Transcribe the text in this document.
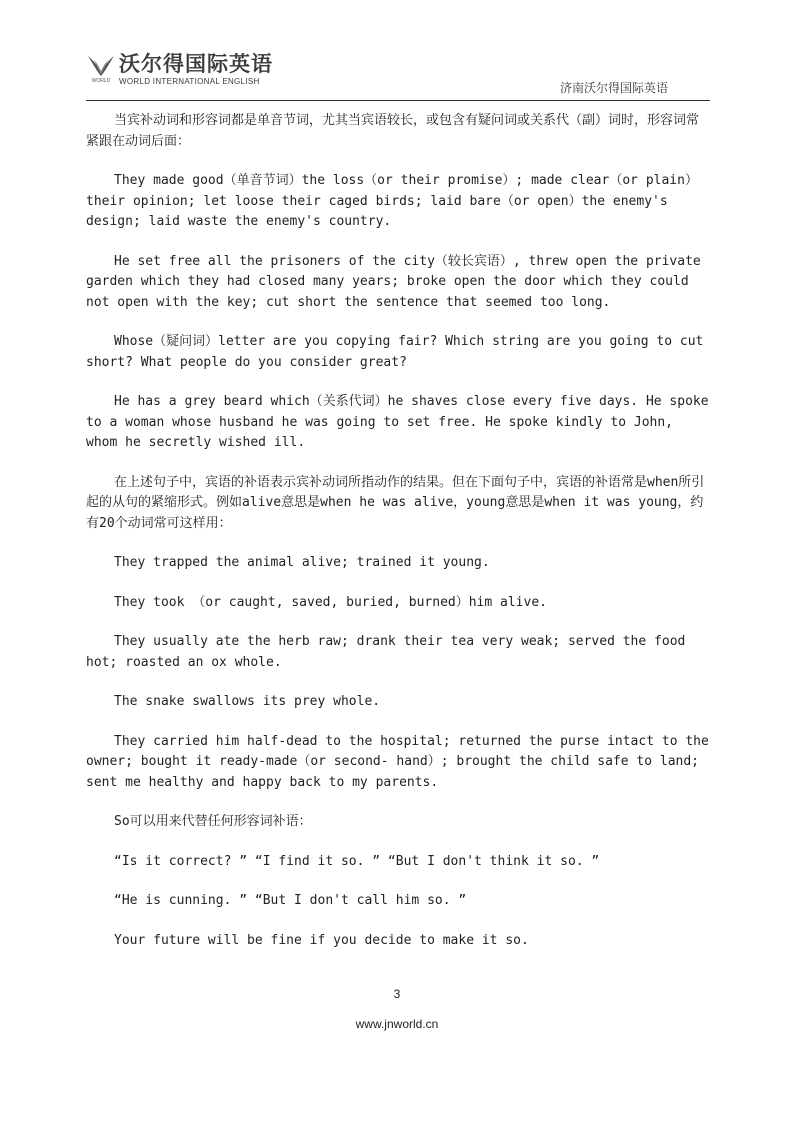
WORLD
沃尔得国际英语
WORLD INTERNATIONAL ENGLISH	济南沃尔得国际英语

当宾补动词和形容词都是单音节词，尤其当宾语较长，或包含有疑问词或关系代（副）词时，形容词常紧跟在动词后面：

They made good（单音节词）the loss（or their promise）; made clear（or plain）their opinion; let loose their caged birds; laid bare（or open）the enemy's design; laid waste the enemy's country.

He set free all the prisoners of the city（较长宾语）, threw open the private garden which they had closed many years; broke open the door which they could not open with the key; cut short the sentence that seemed too long.

Whose（疑问词）letter are you copying fair? Which string are you going to cut short? What people do you consider great?

He has a grey beard which（关系代词）he shaves close every five days. He spoke to a woman whose husband he was going to set free. He spoke kindly to John, whom he secretly wished ill.

在上述句子中，宾语的补语表示宾补动词所指动作的结果。但在下面句子中，宾语的补语常是when所引起的从句的紧缩形式。例如alive意思是when he was alive，young意思是when it was young，约有20个动词常可这样用：

They trapped the animal alive; trained it young.

They took （or caught, saved, buried, burned）him alive.

They usually ate the herb raw; drank their tea very weak; served the food hot; roasted an ox whole.

The snake swallows its prey whole.

They carried him half-dead to the hospital; returned the purse intact to the owner; bought it ready-made（or second- hand）; brought the child safe to land; sent me healthy and happy back to my parents.

So可以用来代替任何形容词补语：

“Is it correct? ” “I find it so. ” “But I don't think it so. ”

“He is cunning. ” “But I don't call him so. ”

Your future will be fine if you decide to make it so.

3
www.jnworld.cn
